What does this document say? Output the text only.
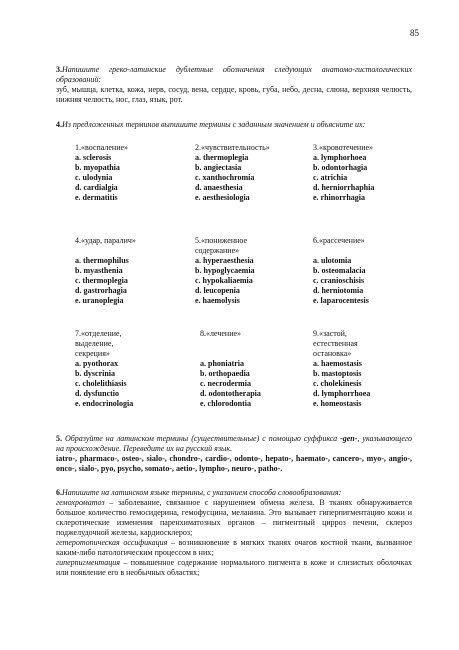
85
3.Напишите греко-латинские дублетные обозначения следующих анатомо-гистологических образований:
зуб, мышца, клетка, кожа, нерв, сосуд, вена, сердце, кровь, губа, небо, десна, слюна, верхняя челюсть, нижняя челюсть, нос, глаз, язык, рот.
4.Из предложенных терминов выпишите термины с заданным значением и объясните их:
1.«воспаление»
a. sclerosis
b. myopathia
c. ulodynia
d. cardialgia
e. dermatitis
2.«чувствительность»
a. thermoplegia
b. angiectasia
c. xanthochromia
d. anaesthesia
e. aesthesiologia
3.«кровотечение»
a. lymphorhoea
b. odontorhagia
c. atrichia
d. herniorrhaphia
e. rhinorrhagia
4.«удар, паралич»
a. thermophilus
b. myasthenia
c. thermoplegia
d. gastrorhagia
e. uranoplegia
5.«пониженное
содержание»
a. hyperaesthesia
b. hypoglycaemia
c. hypokaliaemia
d. leucopenia
e. haemolysis
6.«рассечение»
a. ulotomia
b. osteomalacia
c. cranioschisis
d. herniotomia
e. laparocentesis
7.«отделение,
выделение,
секреция»
a. pyothorax
b. dyscrinia
c. cholelithiasis
d. dysfunctio
e. endocrinologia
8.«лечение»
a. phoniatria
b. orthopaedia
c. necrodermia
d. odontotherapia
e. chlorodontia
9.«застой,
естественная
остановка»
a. haemostasis
b. mastoptosis
c. cholekinesis
d. lymphorrhoea
e. homeostasis
5. Образуйте на латинском термины (существительные) с помощью суффикса -gen-, указывающего на происхождение. Переведите их на русский язык.
iatro-, pharmaco-, osteo-, sialo-, chondro-, cardio-, odonto-, hepato-, haemato-, cancero-, myo-, angio-, onco-, sialo-, pyo, psycho, somato-, aetio-, lympho-, neuro-, patho-.
6.Напишите на латинском языке термины, с указанием способа словообразования:
гемохроматоз – заболевание, связанное с нарушением обмена железа. В тканях обнаруживается большое количество гемосидерина, гемофусцина, меланина. Это вызывает гиперпигментацию кожи и склеротические изменения паренхиматозных органов – пигментный цирроз печени, склероз поджелудочной железы, кардиосклероз;
гетеротопическая оссификация – возникновение в мягких тканях очагов костной ткани, вызванное каким-либо патологическим процессом в них;
гиперпигментация – повышенное содержание нормального пигмента в коже и слизистых оболочках или появление его в необычных областях;
